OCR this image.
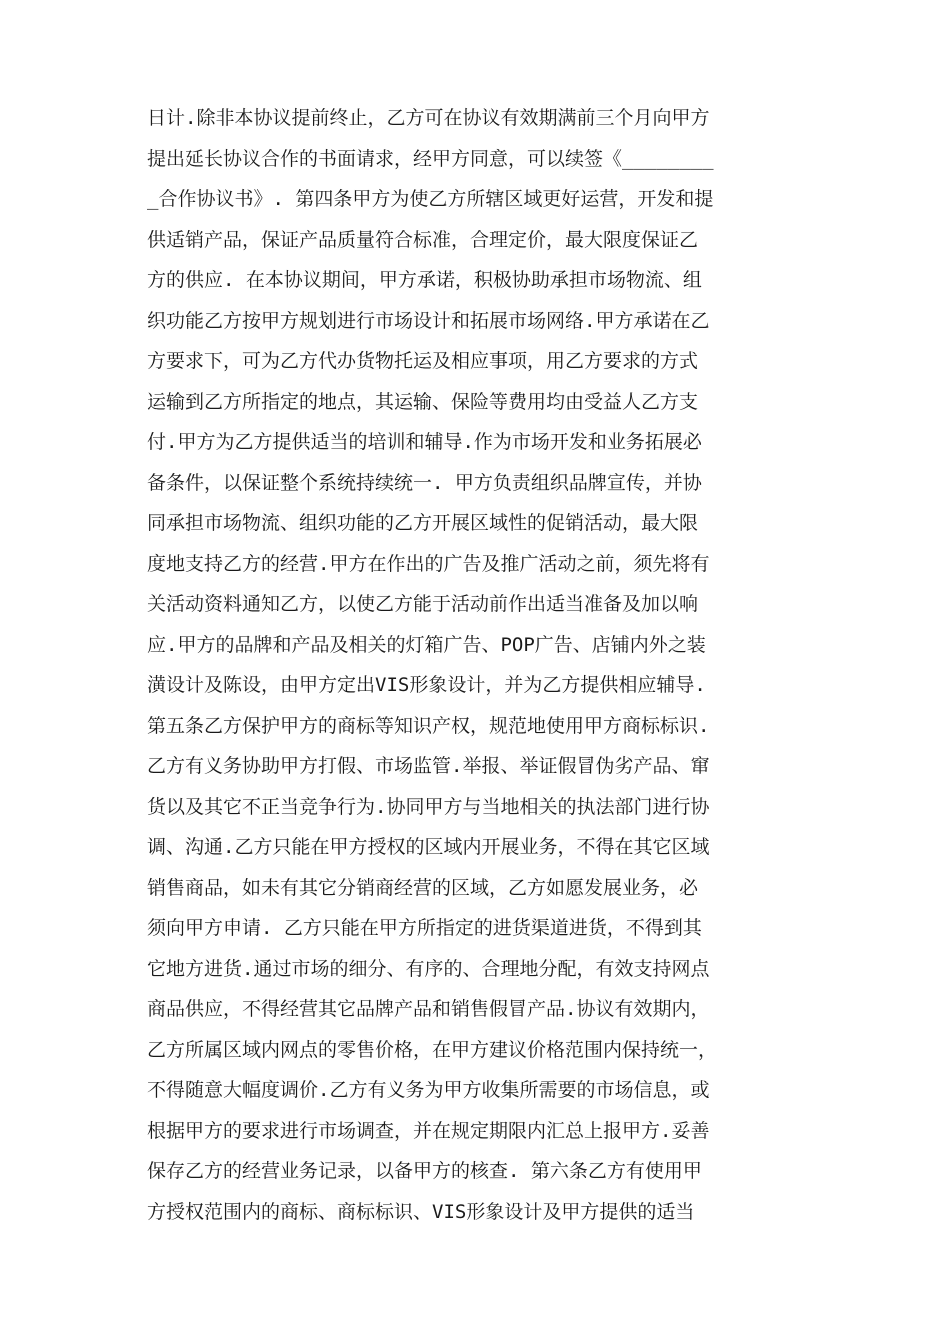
日计.除非本协议提前终止，乙方可在协议有效期满前三个月向甲方
提出延长协议合作的书面请求，经甲方同意，可以续签《________
_合作协议书》. 第四条甲方为使乙方所辖区域更好运营，开发和提
供适销产品，保证产品质量符合标准，合理定价，最大限度保证乙
方的供应. 在本协议期间，甲方承诺，积极协助承担市场物流、组
织功能乙方按甲方规划进行市场设计和拓展市场网络.甲方承诺在乙
方要求下，可为乙方代办货物托运及相应事项，用乙方要求的方式
运输到乙方所指定的地点，其运输、保险等费用均由受益人乙方支
付.甲方为乙方提供适当的培训和辅导.作为市场开发和业务拓展必
备条件，以保证整个系统持续统一. 甲方负责组织品牌宣传，并协
同承担市场物流、组织功能的乙方开展区域性的促销活动，最大限
度地支持乙方的经营.甲方在作出的广告及推广活动之前，须先将有
关活动资料通知乙方，以使乙方能于活动前作出适当准备及加以响
应.甲方的品牌和产品及相关的灯箱广告、POP广告、店铺内外之装
潢设计及陈设，由甲方定出VIS形象设计，并为乙方提供相应辅导.
第五条乙方保护甲方的商标等知识产权，规范地使用甲方商标标识.
乙方有义务协助甲方打假、市场监管.举报、举证假冒伪劣产品、窜
货以及其它不正当竞争行为.协同甲方与当地相关的执法部门进行协
调、沟通.乙方只能在甲方授权的区域内开展业务，不得在其它区域
销售商品，如未有其它分销商经营的区域，乙方如愿发展业务，必
须向甲方申请. 乙方只能在甲方所指定的进货渠道进货，不得到其
它地方进货.通过市场的细分、有序的、合理地分配，有效支持网点
商品供应，不得经营其它品牌产品和销售假冒产品.协议有效期内，
乙方所属区域内网点的零售价格，在甲方建议价格范围内保持统一，
不得随意大幅度调价.乙方有义务为甲方收集所需要的市场信息，或
根据甲方的要求进行市场调查，并在规定期限内汇总上报甲方.妥善
保存乙方的经营业务记录，以备甲方的核查. 第六条乙方有使用甲
方授权范围内的商标、商标标识、VIS形象设计及甲方提供的适当
